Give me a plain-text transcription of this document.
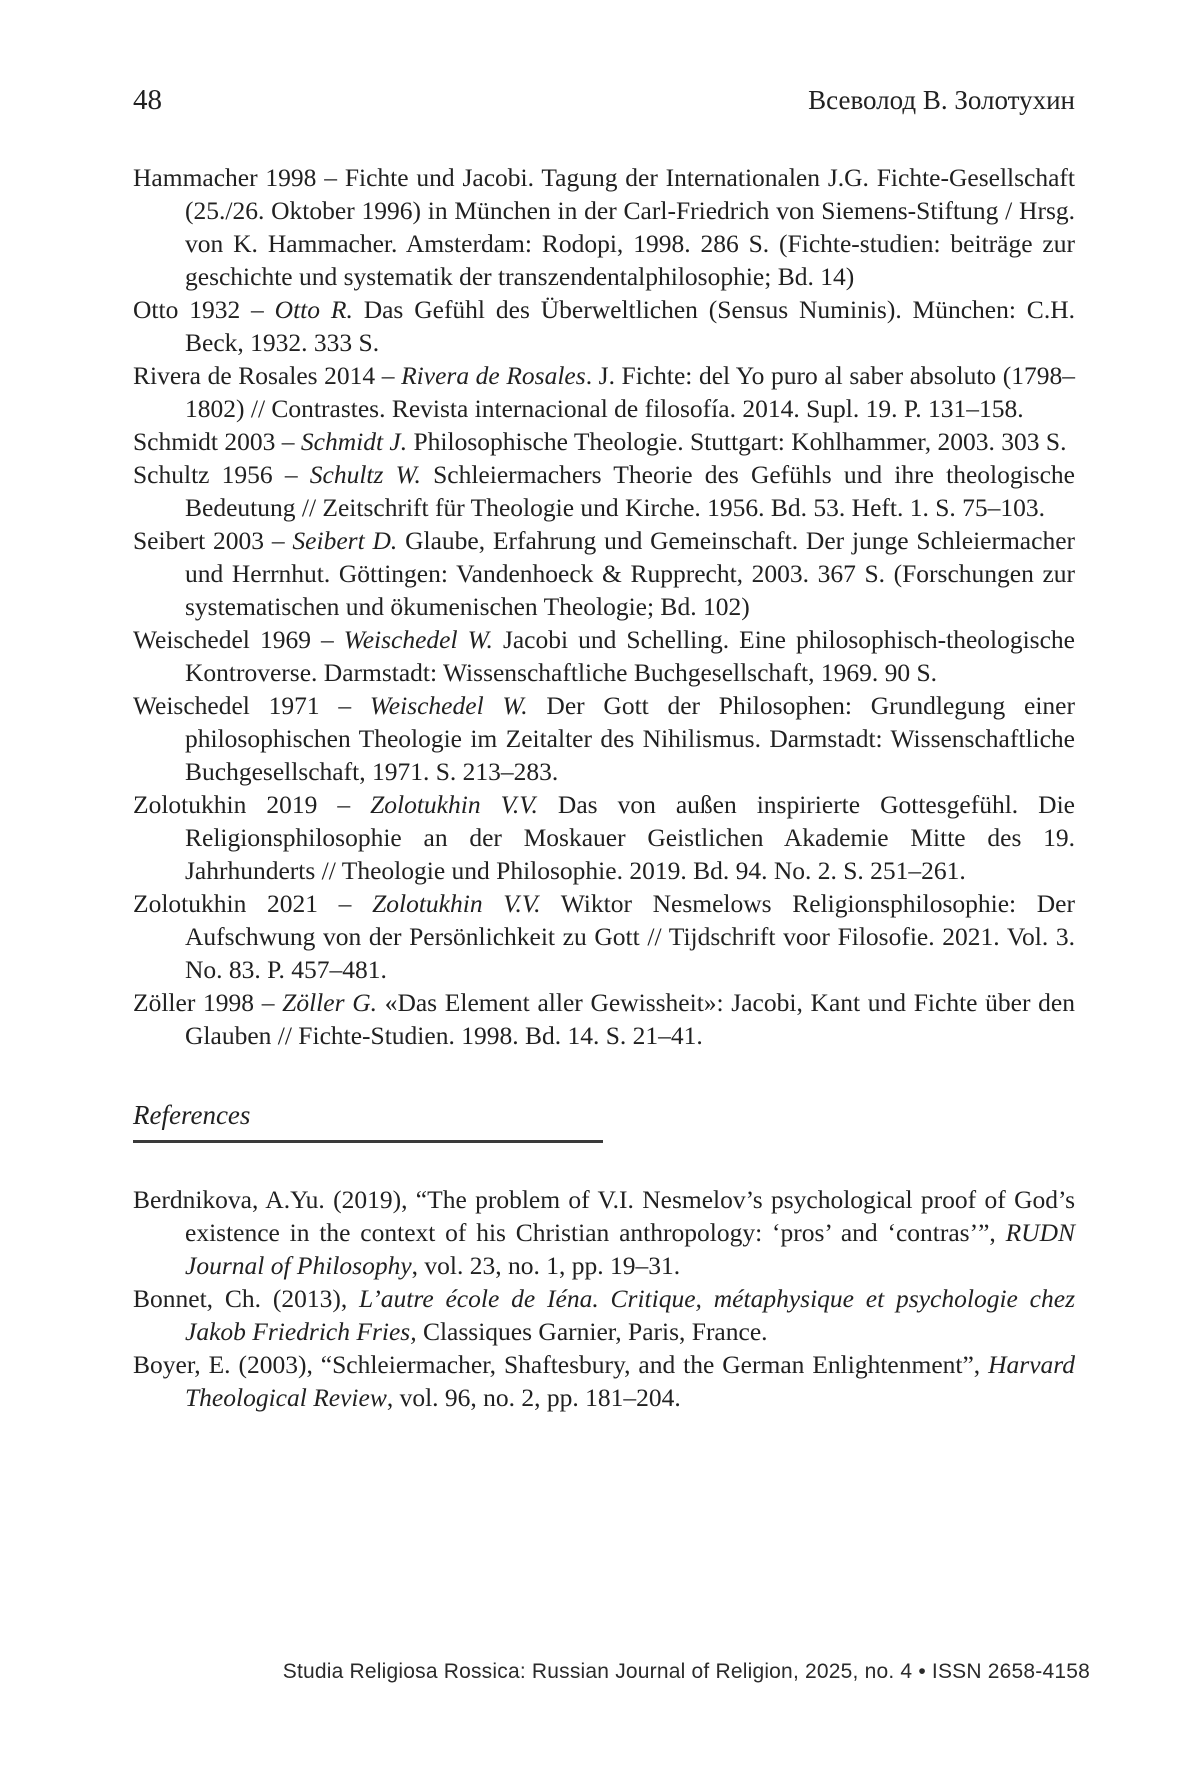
48	Всеволод В. Золотухин

Hammacher 1998 – Fichte und Jacobi. Tagung der Internationalen J.G. Fichte-Gesellschaft (25./26. Oktober 1996) in München in der Carl-Friedrich von Siemens-Stiftung / Hrsg. von K. Hammacher. Amsterdam: Rodopi, 1998. 286 S. (Fichte-studien: beiträge zur geschichte und systematik der transzendentalphilosophie; Bd. 14)

Otto 1932 – Otto R. Das Gefühl des Überweltlichen (Sensus Numinis). München: C.H. Beck, 1932. 333 S.

Rivera de Rosales 2014 – Rivera de Rosales. J. Fichte: del Yo puro al saber absoluto (1798–1802) // Contrastes. Revista internacional de filosofía. 2014. Supl. 19. P. 131–158.

Schmidt 2003 – Schmidt J. Philosophische Theologie. Stuttgart: Kohlhammer, 2003. 303 S.

Schultz 1956 – Schultz W. Schleiermachers Theorie des Gefühls und ihre theologische Bedeutung // Zeitschrift für Theologie und Kirche. 1956. Bd. 53. Heft. 1. S. 75–103.

Seibert 2003 – Seibert D. Glaube, Erfahrung und Gemeinschaft. Der junge Schleiermacher und Herrnhut. Göttingen: Vandenhoeck & Rupprecht, 2003. 367 S. (Forschungen zur systematischen und ökumenischen Theologie; Bd. 102)

Weischedel 1969 – Weischedel W. Jacobi und Schelling. Eine philosophisch-theologische Kontroverse. Darmstadt: Wissenschaftliche Buchgesellschaft, 1969. 90 S.

Weischedel 1971 – Weischedel W. Der Gott der Philosophen: Grundlegung einer philosophischen Theologie im Zeitalter des Nihilismus. Darmstadt: Wissenschaftliche Buchgesellschaft, 1971. S. 213–283.

Zolotukhin 2019 – Zolotukhin V.V. Das von außen inspirierte Gottesgefühl. Die Religionsphilosophie an der Moskauer Geistlichen Akademie Mitte des 19. Jahrhunderts // Theologie und Philosophie. 2019. Bd. 94. No. 2. S. 251–261.

Zolotukhin 2021 – Zolotukhin V.V. Wiktor Nesmelows Religionsphilosophie: Der Aufschwung von der Persönlichkeit zu Gott // Tijdschrift voor Filosofie. 2021. Vol. 3. No. 83. P. 457–481.

Zöller 1998 – Zöller G. «Das Element aller Gewissheit»: Jacobi, Kant und Fichte über den Glauben // Fichte-Studien. 1998. Bd. 14. S. 21–41.

References

Berdnikova, A.Yu. (2019), “The problem of V.I. Nesmelov’s psychological proof of God’s existence in the context of his Christian anthropology: ‘pros’ and ‘contras’”, RUDN Journal of Philosophy, vol. 23, no. 1, pp. 19–31.

Bonnet, Ch. (2013), L’autre école de Iéna. Critique, métaphysique et psychologie chez Jakob Friedrich Fries, Classiques Garnier, Paris, France.

Boyer, E. (2003), “Schleiermacher, Shaftesbury, and the German Enlightenment”, Harvard Theological Review, vol. 96, no. 2, pp. 181–204.

Studia Religiosa Rossica: Russian Journal of Religion, 2025, no. 4 • ISSN 2658-4158
